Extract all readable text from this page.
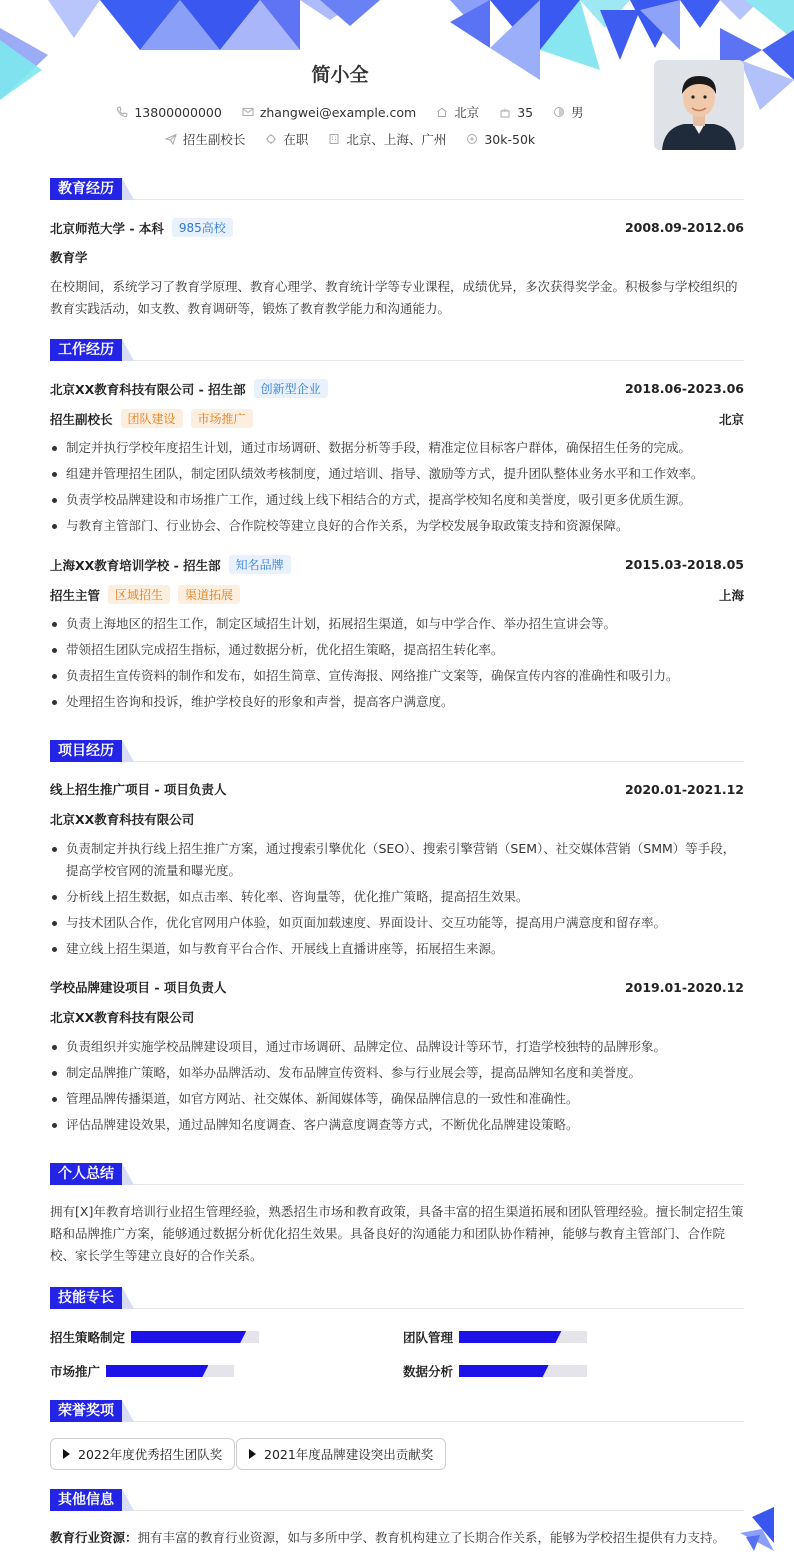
简小全
13800000000	zhangwei@example.com	北京	35	男
招生副校长	在职	北京、上海、广州	30k-50k
教育经历
北京师范大学 - 本科	985高校	2008.09-2012.06
教育学
在校期间，系统学习了教育学原理、教育心理学、教育统计学等专业课程，成绩优异，多次获得奖学金。积极参与学校组织的教育实践活动，如支教、教育调研等，锻炼了教育教学能力和沟通能力。
工作经历
北京XX教育科技有限公司 - 招生部	创新型企业	2018.06-2023.06
招生副校长	团队建设	市场推广	北京
制定并执行学校年度招生计划，通过市场调研、数据分析等手段，精准定位目标客户群体，确保招生任务的完成。
组建并管理招生团队，制定团队绩效考核制度，通过培训、指导、激励等方式，提升团队整体业务水平和工作效率。
负责学校品牌建设和市场推广工作，通过线上线下相结合的方式，提高学校知名度和美誉度，吸引更多优质生源。
与教育主管部门、行业协会、合作院校等建立良好的合作关系，为学校发展争取政策支持和资源保障。
上海XX教育培训学校 - 招生部	知名品牌	2015.03-2018.05
招生主管	区域招生	渠道拓展	上海
负责上海地区的招生工作，制定区域招生计划，拓展招生渠道，如与中学合作、举办招生宣讲会等。
带领招生团队完成招生指标，通过数据分析，优化招生策略，提高招生转化率。
负责招生宣传资料的制作和发布，如招生简章、宣传海报、网络推广文案等，确保宣传内容的准确性和吸引力。
处理招生咨询和投诉，维护学校良好的形象和声誉，提高客户满意度。
项目经历
线上招生推广项目 - 项目负责人	2020.01-2021.12
北京XX教育科技有限公司
负责制定并执行线上招生推广方案，通过搜索引擎优化（SEO）、搜索引擎营销（SEM）、社交媒体营销（SMM）等手段，提高学校官网的流量和曝光度。
分析线上招生数据，如点击率、转化率、咨询量等，优化推广策略，提高招生效果。
与技术团队合作，优化官网用户体验，如页面加载速度、界面设计、交互功能等，提高用户满意度和留存率。
建立线上招生渠道，如与教育平台合作、开展线上直播讲座等，拓展招生来源。
学校品牌建设项目 - 项目负责人	2019.01-2020.12
北京XX教育科技有限公司
负责组织并实施学校品牌建设项目，通过市场调研、品牌定位、品牌设计等环节，打造学校独特的品牌形象。
制定品牌推广策略，如举办品牌活动、发布品牌宣传资料、参与行业展会等，提高品牌知名度和美誉度。
管理品牌传播渠道，如官方网站、社交媒体、新闻媒体等，确保品牌信息的一致性和准确性。
评估品牌建设效果，通过品牌知名度调查、客户满意度调查等方式，不断优化品牌建设策略。
个人总结
拥有[X]年教育培训行业招生管理经验，熟悉招生市场和教育政策，具备丰富的招生渠道拓展和团队管理经验。擅长制定招生策略和品牌推广方案，能够通过数据分析优化招生效果。具备良好的沟通能力和团队协作精神，能够与教育主管部门、合作院校、家长学生等建立良好的合作关系。
技能专长
招生策略制定	团队管理
市场推广	数据分析
荣誉奖项
2022年度优秀招生团队奖	2021年度品牌建设突出贡献奖
其他信息
教育行业资源：拥有丰富的教育行业资源，如与多所中学、教育机构建立了长期合作关系，能够为学校招生提供有力支持。
